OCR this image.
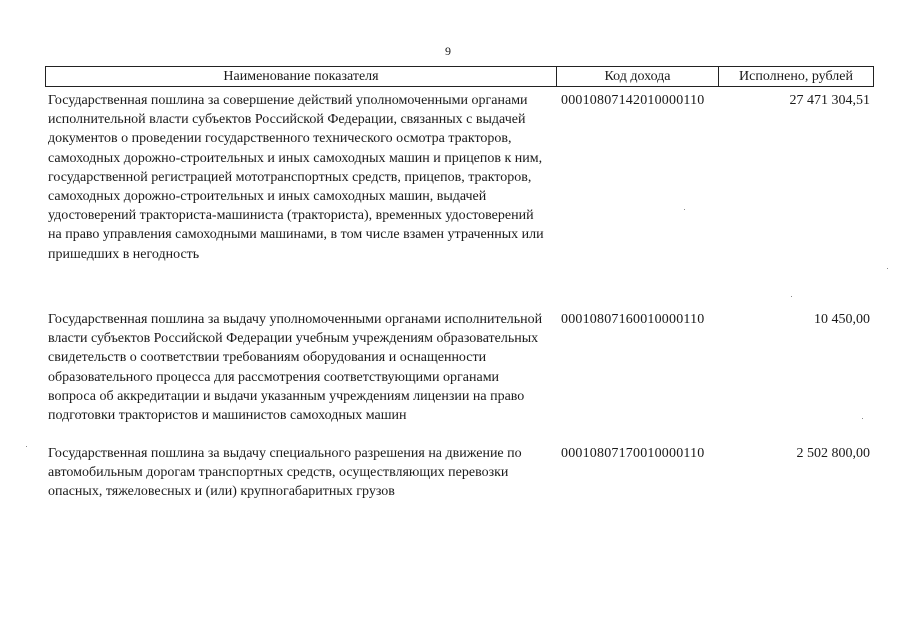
9
Наименование показателя	Код дохода	Исполнено, рублей
Государственная пошлина за совершение действий уполномоченными органами исполнительной власти субъектов Российской Федерации, связанных с выдачей документов о проведении государственного технического осмотра тракторов, самоходных дорожно-строительных и иных самоходных машин и прицепов к ним, государственной регистрацией мототранспортных средств, прицепов, тракторов, самоходных дорожно-строительных и иных самоходных машин, выдачей удостоверений тракториста-машиниста (тракториста), временных удостоверений на право управления самоходными машинами, в том числе взамен утраченных или пришедших в негодность
00010807142010000110	27 471 304,51
Государственная пошлина за выдачу уполномоченными органами исполнительной власти субъектов Российской Федерации учебным учреждениям образовательных свидетельств о соответствии требованиям оборудования и оснащенности образовательного процесса для рассмотрения соответствующими органами вопроса об аккредитации и выдачи указанным учреждениям лицензии на право подготовки трактористов и машинистов самоходных машин
00010807160010000110	10 450,00
Государственная пошлина за выдачу специального разрешения на движение по автомобильным дорогам транспортных средств, осуществляющих перевозки опасных, тяжеловесных и (или) крупногабаритных грузов
00010807170010000110	2 502 800,00
